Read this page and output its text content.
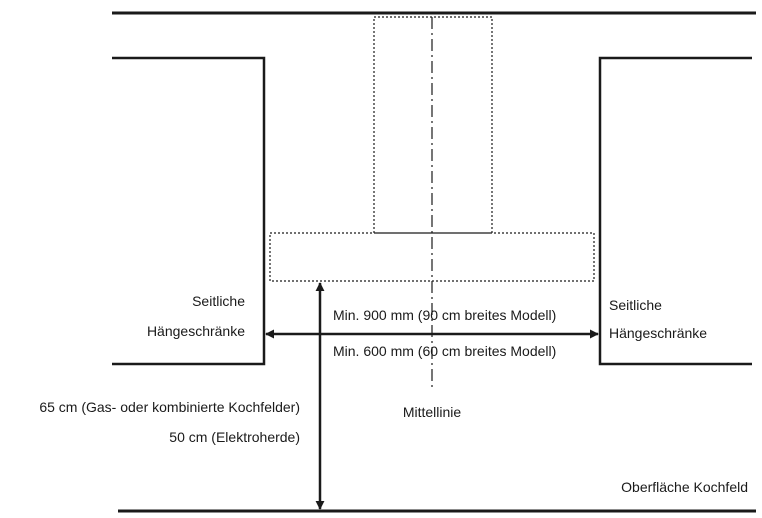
Seitliche
Hängeschränke
Seitliche
Hängeschränke
Min. 900 mm (90 cm breites Modell)
Min. 600 mm (60 cm breites Modell)
65 cm (Gas- oder kombinierte Kochfelder)
50 cm (Elektroherde)
Mittellinie
Oberfläche Kochfeld
